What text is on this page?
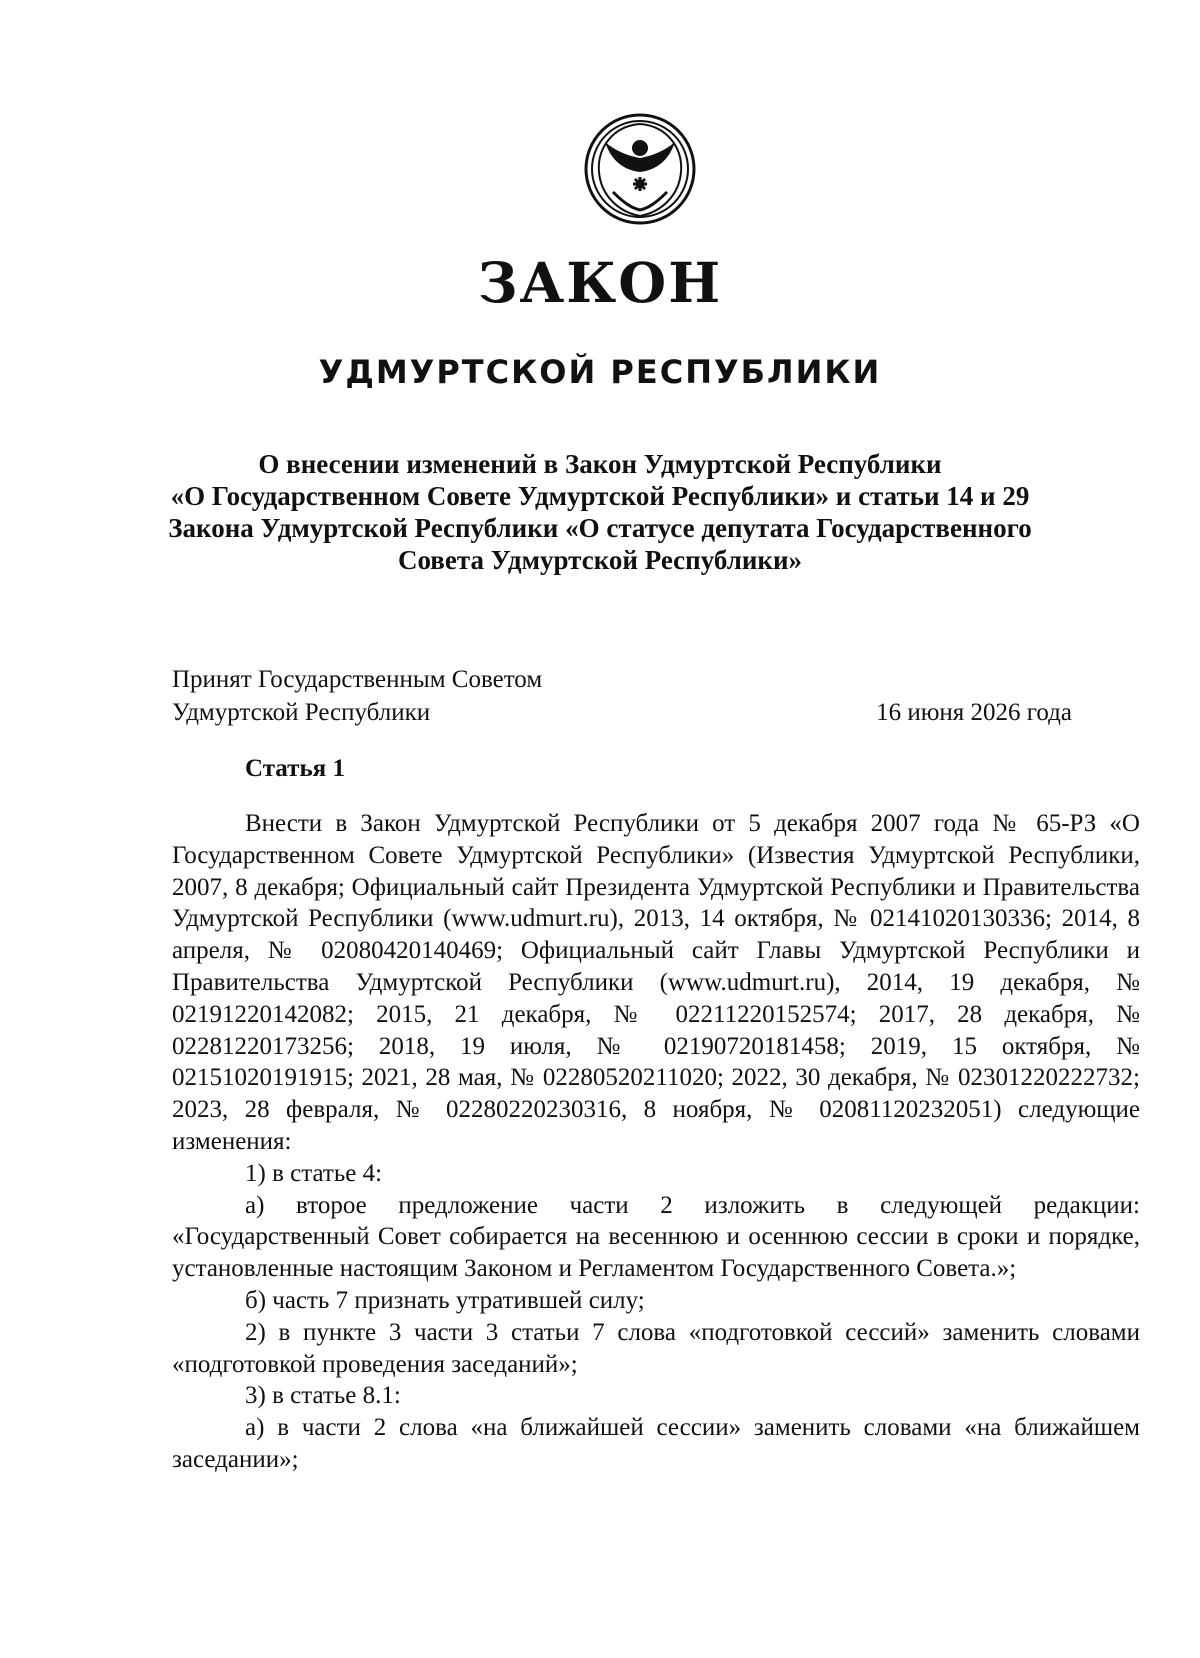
ЗАКОН
УДМУРТСКОЙ РЕСПУБЛИКИ
О внесении изменений в Закон Удмуртской Республики
«О Государственном Совете Удмуртской Республики» и статьи 14 и 29
Закона Удмуртской Республики «О статусе депутата Государственного
Совета Удмуртской Республики»
Принят Государственным Советом
Удмуртской Республики	16 июня 2026 года
Статья 1

Внести в Закон Удмуртской Республики от 5 декабря 2007 года № 65-РЗ «О Государственном Совете Удмуртской Республики» (Известия Удмуртской Республики, 2007, 8 декабря; Официальный сайт Президента Удмуртской Республики и Правительства Удмуртской Республики (www.udmurt.ru), 2013, 14 октября, № 02141020130336; 2014, 8 апреля, № 02080420140469; Официальный сайт Главы Удмуртской Республики и Правительства Удмуртской Республики (www.udmurt.ru), 2014, 19 декабря, № 02191220142082; 2015, 21 декабря, № 02211220152574; 2017, 28 декабря, № 02281220173256; 2018, 19 июля, № 02190720181458; 2019, 15 октября, № 02151020191915; 2021, 28 мая, № 02280520211020; 2022, 30 декабря, № 02301220222732; 2023, 28 февраля, № 02280220230316, 8 ноября, № 02081120232051) следующие изменения:

1) в статье 4:

а) второе предложение части 2 изложить в следующей редакции: «Государственный Совет собирается на весеннюю и осеннюю сессии в сроки и порядке, установленные настоящим Законом и Регламентом Государственного Совета.»;

б) часть 7 признать утратившей силу;

2) в пункте 3 части 3 статьи 7 слова «подготовкой сессий» заменить словами «подготовкой проведения заседаний»;

3) в статье 8.1:

а) в части 2 слова «на ближайшей сессии» заменить словами «на ближайшем заседании»;
